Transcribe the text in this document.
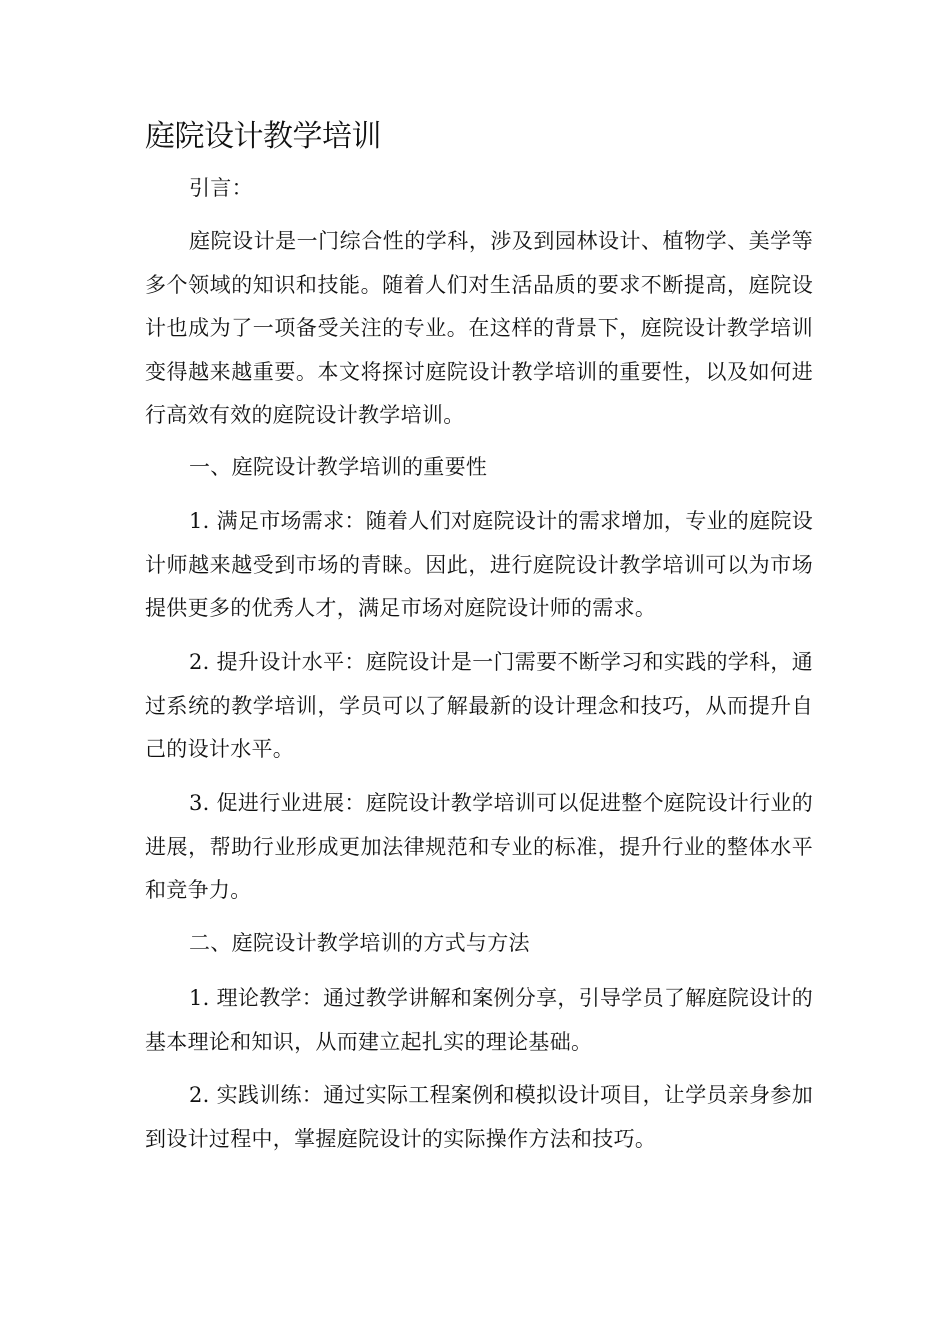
庭院设计教学培训

引言：

庭院设计是一门综合性的学科，涉及到园林设计、植物学、美学等多个领域的知识和技能。随着人们对生活品质的要求不断提高，庭院设计也成为了一项备受关注的专业。在这样的背景下，庭院设计教学培训变得越来越重要。本文将探讨庭院设计教学培训的重要性，以及如何进行高效有效的庭院设计教学培训。

一、庭院设计教学培训的重要性

1. 满足市场需求：随着人们对庭院设计的需求增加，专业的庭院设计师越来越受到市场的青睐。因此，进行庭院设计教学培训可以为市场提供更多的优秀人才，满足市场对庭院设计师的需求。

2. 提升设计水平：庭院设计是一门需要不断学习和实践的学科，通过系统的教学培训，学员可以了解最新的设计理念和技巧，从而提升自己的设计水平。

3. 促进行业进展：庭院设计教学培训可以促进整个庭院设计行业的进展，帮助行业形成更加法律规范和专业的标准，提升行业的整体水平和竞争力。

二、庭院设计教学培训的方式与方法

1. 理论教学：通过教学讲解和案例分享，引导学员了解庭院设计的基本理论和知识，从而建立起扎实的理论基础。

2. 实践训练：通过实际工程案例和模拟设计项目，让学员亲身参加到设计过程中，掌握庭院设计的实际操作方法和技巧。
